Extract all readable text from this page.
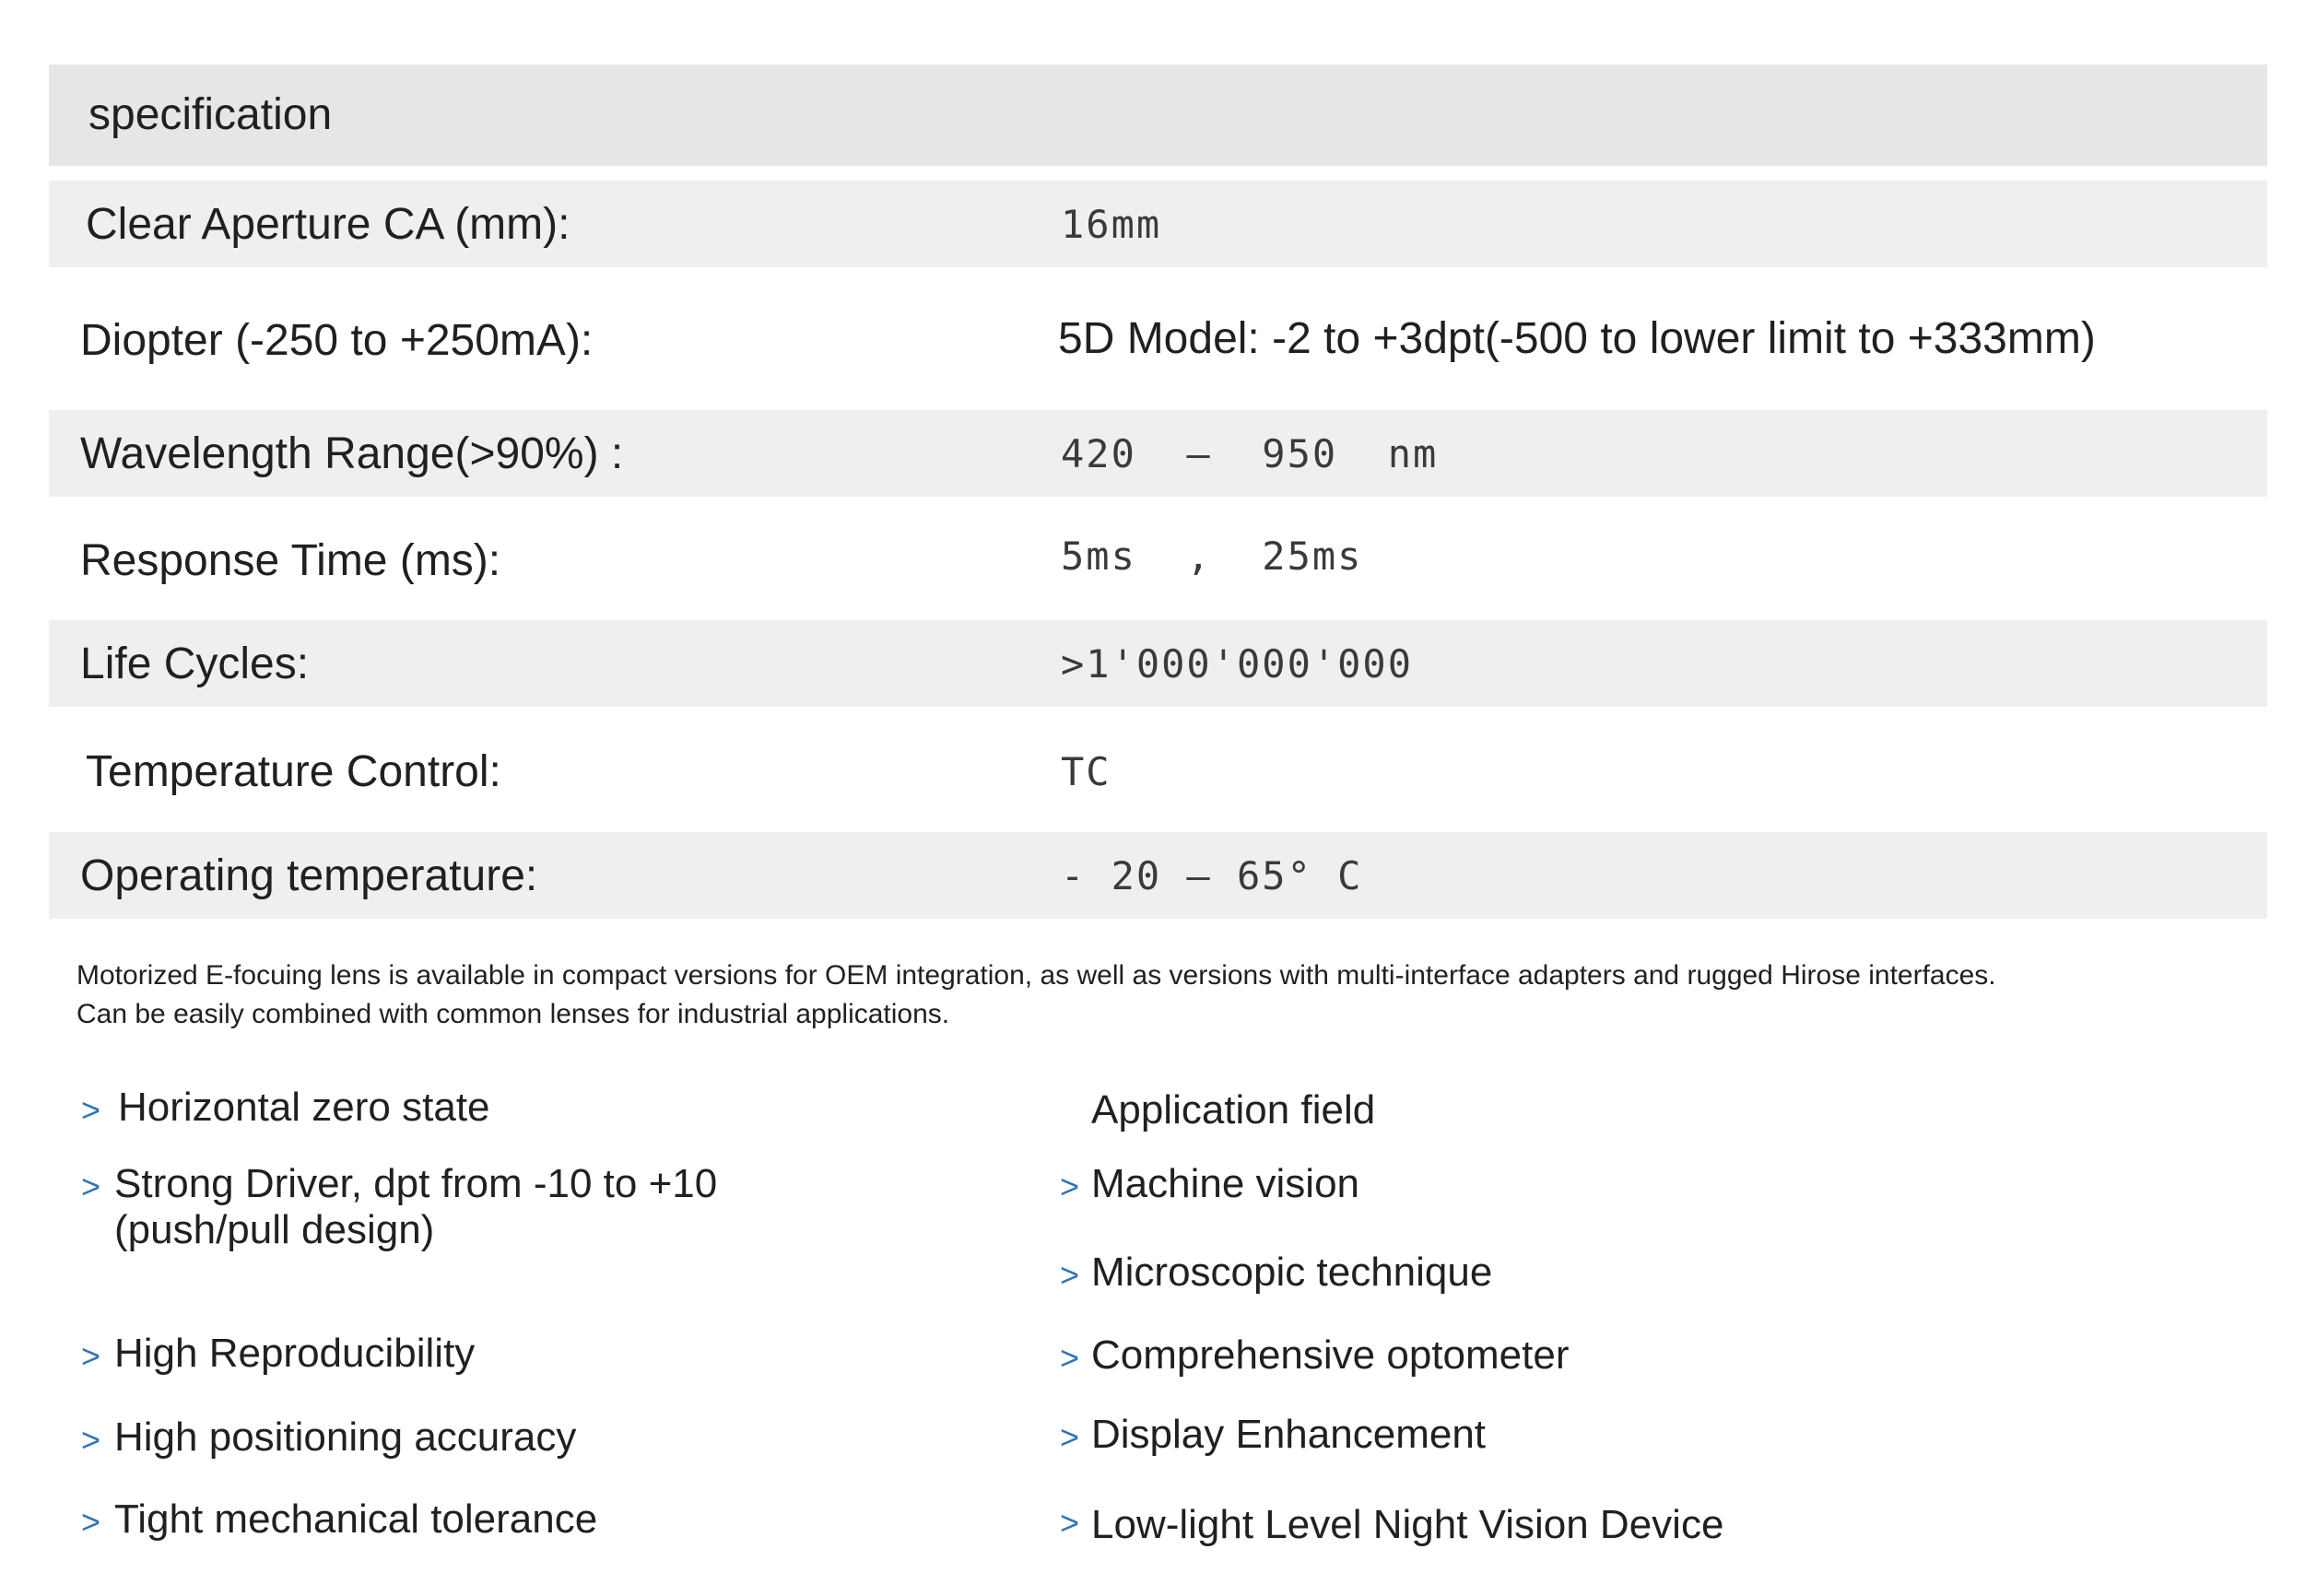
specification
Clear Aperture CA (mm):	16mm
Diopter (-250 to +250mA):	5D Model: -2 to +3dpt(-500 to lower limit to +333mm)
Wavelength Range(>90%) :	420  —  950  nm
Response Time (ms):	5ms  ,  25ms
Life Cycles:	>1'000'000'000
Temperature Control:	TC
Operating temperature:	- 20 — 65° C
Motorized E-focuing lens is available in compact versions for OEM integration, as well as versions with multi-interface adapters and rugged Hirose interfaces.
Can be easily combined with common lenses for industrial applications.
> Horizontal zero state
> Strong Driver, dpt from -10 to +10
(push/pull design)
> High Reproducibility
> High positioning accuracy
> Tight mechanical tolerance
Application field
> Machine vision
> Microscopic technique
> Comprehensive optometer
> Display Enhancement
> Low-light Level Night Vision Device
